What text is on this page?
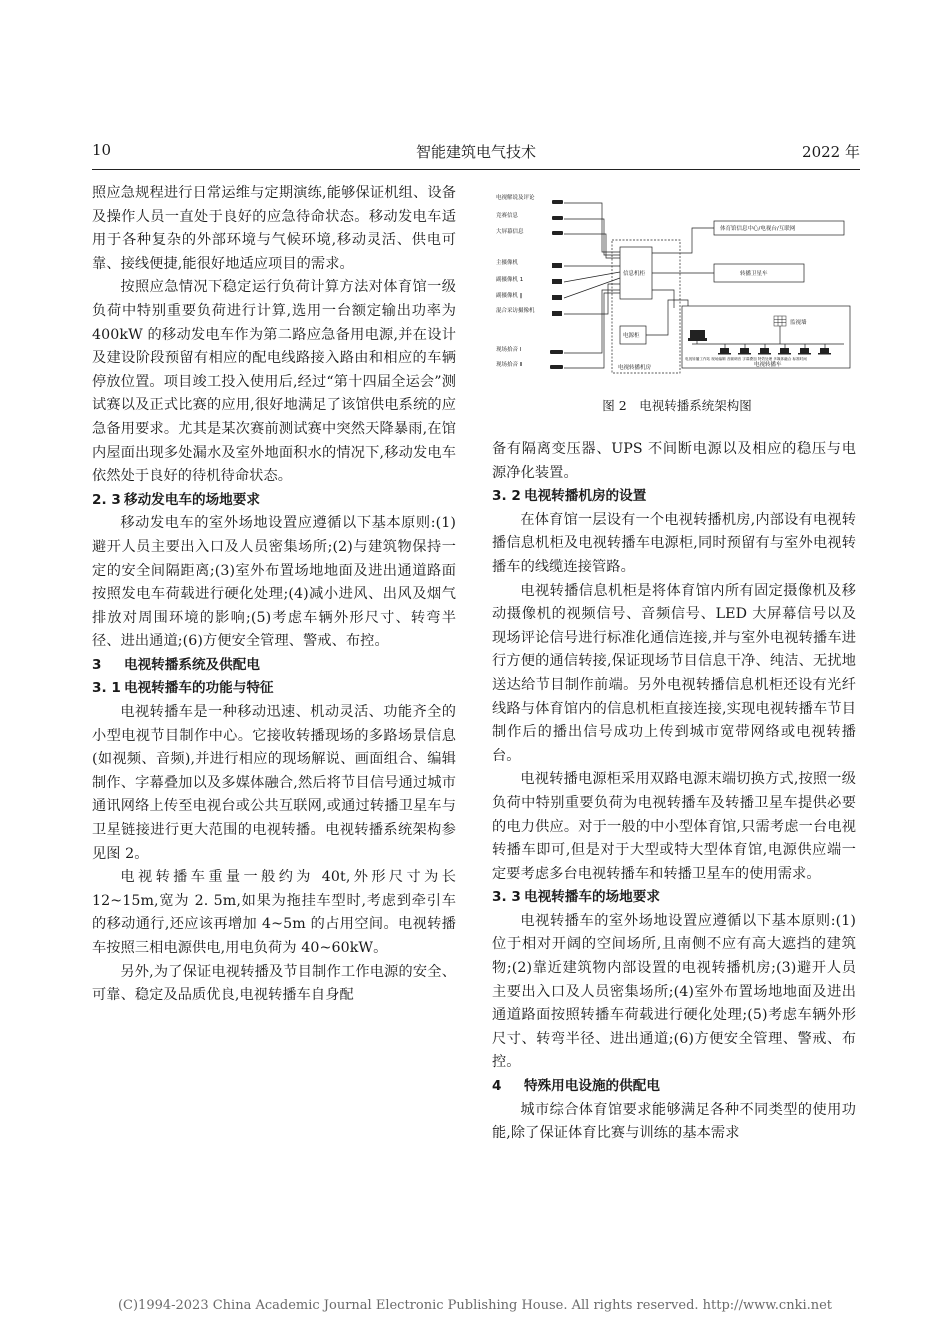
10	智能建筑电气技术	2022 年

照应急规程进行日常运维与定期演练,能够保证机组、设备及操作人员一直处于良好的应急待命状态。移动发电车适用于各种复杂的外部环境与气候环境,移动灵活、供电可靠、接线便捷,能很好地适应项目的需求。

按照应急情况下稳定运行负荷计算方法对体育馆一级负荷中特别重要负荷进行计算,选用一台额定输出功率为 400kW 的移动发电车作为第二路应急备用电源,并在设计及建设阶段预留有相应的配电线路接入路由和相应的车辆停放位置。项目竣工投入使用后,经过“第十四届全运会”测试赛以及正式比赛的应用,很好地满足了该馆供电系统的应急备用要求。尤其是某次赛前测试赛中突然天降暴雨,在馆内屋面出现多处漏水及室外地面积水的情况下,移动发电车依然处于良好的待机待命状态。

2. 3 移动发电车的场地要求

移动发电车的室外场地设置应遵循以下基本原则:(1)避开人员主要出入口及人员密集场所;(2)与建筑物保持一定的安全间隔距离;(3)室外布置场地地面及进出通道路面按照发电车荷载进行硬化处理;(4)减小进风、出风及烟气排放对周围环境的影响;(5)考虑车辆外形尺寸、转弯半径、进出通道;(6)方便安全管理、警戒、布控。

3 电视转播系统及供配电

3. 1 电视转播车的功能与特征

电视转播车是一种移动迅速、机动灵活、功能齐全的小型电视节目制作中心。它接收转播现场的多路场景信息(如视频、音频),并进行相应的现场解说、画面组合、编辑制作、字幕叠加以及多媒体融合,然后将节目信号通过城市通讯网络上传至电视台或公共互联网,或通过转播卫星车与卫星链接进行更大范围的电视转播。电视转播系统架构参见图 2。

电视转播车重量一般约为 40t,外形尺寸为长 12~15m,宽为 2. 5m,如果为拖挂车型时,考虑到牵引车的移动通行,还应该再增加 4~5m 的占用空间。电视转播车按照三相电源供电,用电负荷为 40~60kW。

另外,为了保证电视转播及节目制作工作电源的安全、可靠、稳定及品质优良,电视转播车自身配

电视解说及评论
竞赛信息
大屏幕信息
主摄像机
副摄像机 1
副摄像机 ‖
混合采访摄像机
现场拾音 I
现场拾音 Ⅱ
信息机柜
电源柜
电视转播机房
体育馆信息中心/电视台/互联网
转播卫星车
监视墙
电视转播工作站 现场编辑 音频调音 字幕叠加 特效处理 多媒体融合 标准时间
电视转播车
图 2　电视转播系统架构图

备有隔离变压器、UPS 不间断电源以及相应的稳压与电源净化装置。

3. 2 电视转播机房的设置

在体育馆一层设有一个电视转播机房,内部设有电视转播信息机柜及电视转播车电源柜,同时预留有与室外电视转播车的线缆连接管路。

电视转播信息机柜是将体育馆内所有固定摄像机及移动摄像机的视频信号、音频信号、LED 大屏幕信号以及现场评论信号进行标准化通信连接,并与室外电视转播车进行方便的通信转接,保证现场节目信息干净、纯洁、无扰地送达给节目制作前端。另外电视转播信息机柜还设有光纤线路与体育馆内的信息机柜直接连接,实现电视转播车节目制作后的播出信号成功上传到城市宽带网络或电视转播台。

电视转播电源柜采用双路电源末端切换方式,按照一级负荷中特别重要负荷为电视转播车及转播卫星车提供必要的电力供应。对于一般的中小型体育馆,只需考虑一台电视转播车即可,但是对于大型或特大型体育馆,电源供应端一定要考虑多台电视转播车和转播卫星车的使用需求。

3. 3 电视转播车的场地要求

电视转播车的室外场地设置应遵循以下基本原则:(1)位于相对开阔的空间场所,且南侧不应有高大遮挡的建筑物;(2)靠近建筑物内部设置的电视转播机房;(3)避开人员主要出入口及人员密集场所;(4)室外布置场地地面及进出通道路面按照转播车荷载进行硬化处理;(5)考虑车辆外形尺寸、转弯半径、进出通道;(6)方便安全管理、警戒、布控。

4 特殊用电设施的供配电

城市综合体育馆要求能够满足各种不同类型的使用功能,除了保证体育比赛与训练的基本需求

(C)1994-2023 China Academic Journal Electronic Publishing House. All rights reserved. http://www.cnki.net
